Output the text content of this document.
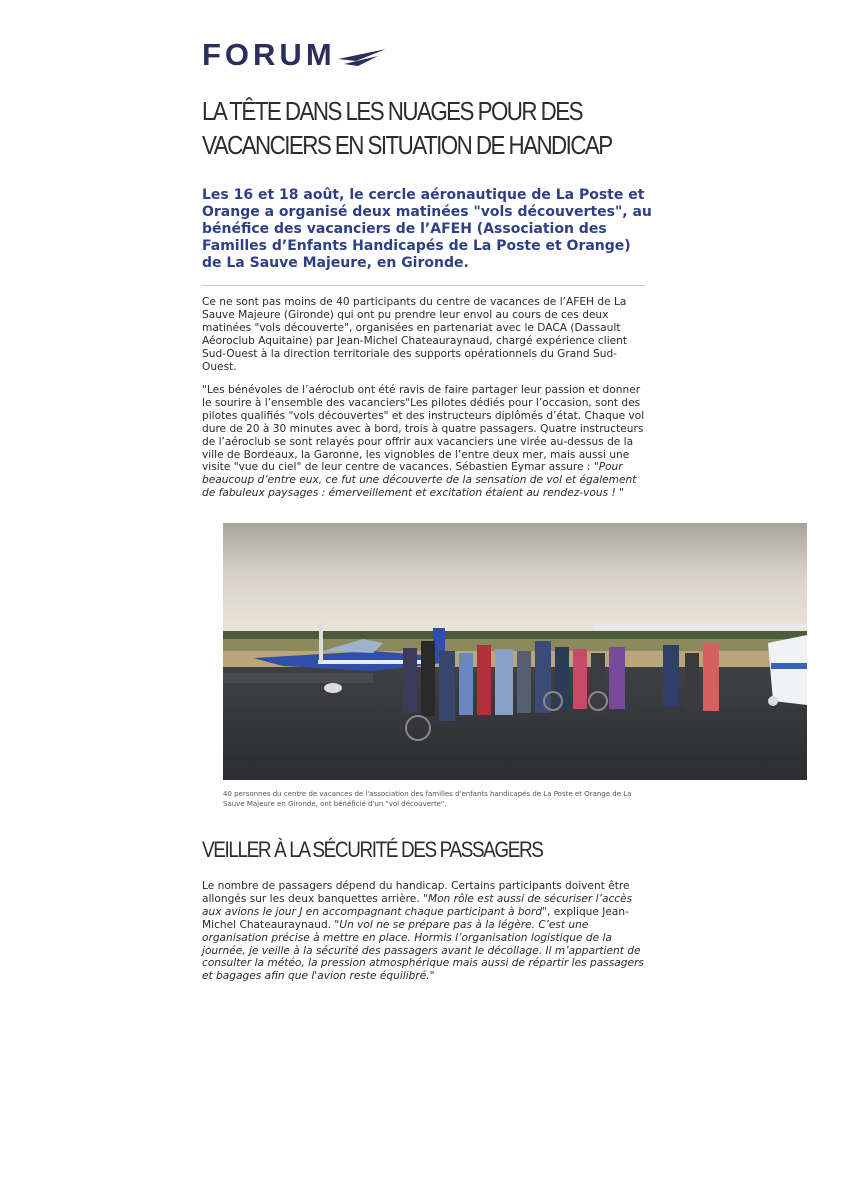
FORUM
LA TÊTE DANS LES NUAGES POUR DES VACANCIERS EN SITUATION DE HANDICAP

Les 16 et 18 août, le cercle aéronautique de La Poste et Orange a organisé deux matinées "vols découvertes", au bénéfice des vacanciers de l’AFEH (Association des Familles d’Enfants Handicapés de La Poste et Orange) de La Sauve Majeure, en Gironde.

Ce ne sont pas moins de 40 participants du centre de vacances de l’AFEH de La Sauve Majeure (Gironde) qui ont pu prendre leur envol au cours de ces deux matinées "vols découverte", organisées en partenariat avec le DACA (Dassault Aéoroclub Aquitaine) par Jean-Michel Chateauraynaud, chargé expérience client Sud-Ouest à la direction territoriale des supports opérationnels du Grand Sud-Ouest.

"Les bénévoles de l’aéroclub ont été ravis de faire partager leur passion et donner le sourire à l’ensemble des vacanciers"Les pilotes dédiés pour l’occasion, sont des pilotes qualifiés "vols découvertes" et des instructeurs diplômés d’état. Chaque vol dure de 20 à 30 minutes avec à bord, trois à quatre passagers. Quatre instructeurs de l’aéroclub se sont relayés pour offrir aux vacanciers une virée au-dessus de la ville de Bordeaux, la Garonne, les vignobles de l’entre deux mer, mais aussi une visite "vue du ciel" de leur centre de vacances. Sébastien Eymar assure : "Pour beaucoup d’entre eux, ce fut une découverte de la sensation de vol et également de fabuleux paysages : émerveillement et excitation étaient au rendez-vous ! "

40 personnes du centre de vacances de l'association des familles d'enfants handicapés de La Poste et Orange de La Sauve Majeure en Gironde, ont bénéficié d'un "vol découverte".

VEILLER À LA SÉCURITÉ DES PASSAGERS

Le nombre de passagers dépend du handicap. Certains participants doivent être allongés sur les deux banquettes arrière. "Mon rôle est aussi de sécuriser l’accès aux avions le jour J en accompagnant chaque participant à bord", explique Jean-Michel Chateauraynaud. "Un vol ne se prépare pas à la légère. C’est une organisation précise à mettre en place. Hormis l’organisation logistique de la journée, je veille à la sécurité des passagers avant le décollage. Il m’appartient de consulter la météo, la pression atmosphérique mais aussi de répartir les passagers et bagages afin que l'avion reste équilibré."
